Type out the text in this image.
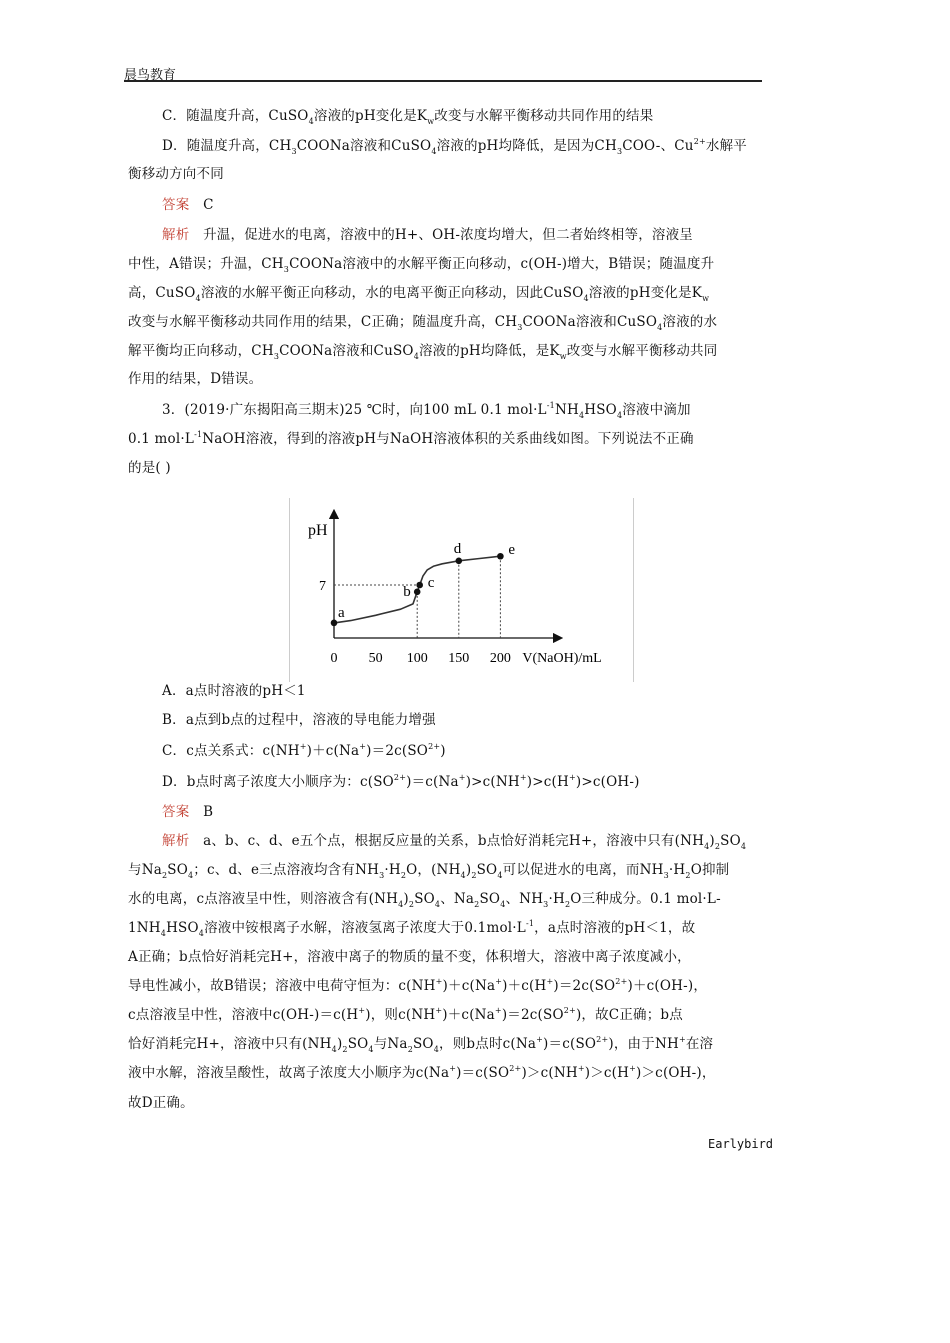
晨鸟教育
C．随温度升高，CuSO$_4$溶液的pH变化是$K_w$改变与水解平衡移动共同作用的结果
D．随温度升高，$CH_3COONa$溶液和CuSO$_4$溶液的pH均降低，是因为$CH_3COO-$、$Cu^{2+}$水解平
衡移动方向不同
答案　 C
解析　 升温，促进水的电离，溶液中的H+、OH-浓度均增大，但二者始终相等，溶液呈
中性，A错误；升温，$CH_3COONa$溶液中的水解平衡正向移动，c(OH-)增大，B错误；随温度升
高，CuSO$_4$溶液的水解平衡正向移动，水的电离平衡正向移动，因此CuSO$_4$溶液的pH变化是$K_w$
改变与水解平衡移动共同作用的结果，C正确；随温度升高，$CH_3COONa$溶液和CuSO$_4$溶液的水
解平衡均正向移动，$CH_3COONa$溶液和CuSO$_4$溶液的pH均降低，是$K_w$改变与水解平衡移动共同
作用的结果，D错误。
3．(2019·广东揭阳高三期末)25 ℃时，向100 mL 0.1 $mol\cdot L^{-1}NH_4HSO_4$溶液中滴加
0.1 $mol\cdot L^{-1}NaOH$溶液，得到的溶液pH与NaOH溶液体积的关系曲线如图。下列说法不正确
的是( )
pH
0 50 100 150 200 V(NaOH)/mL
7
a
b
c
d	e
A．a点时溶液的pH＜1
B．a点到b点的过程中，溶液的导电能力增强
C．c点关系式：$c(NH^+)+c(Na^+)=2c(SO^{2+})$
D．b点时离子浓度大小顺序为：$c(SO^{2+})=c(Na^+)>c(NH^+)>c(H^+)>c(OH-)$
答案　 B
解析　 a、b、c、d、e五个点，根据反应量的关系，b点恰好消耗完H+，溶液中只有$(NH_4)_2SO_4$
与$Na_2SO_4$；c、d、e三点溶液均含有$NH_3\cdot H_2O$，$(NH_4)_2SO_4$可以促进水的电离，而$NH_3\cdot H_2O$抑制
水的电离，c点溶液呈中性，则溶液含有$(NH_4)_2SO_4$、$Na_2SO_4$、$NH_3\cdot H_2O$三种成分。0.1 mol·L-
$1NH_4HSO_4$溶液中铵根离子水解，溶液氢离子浓度大于$0.1mol\cdot L^{-1}$，a点时溶液的pH＜1，故
A正确；b点恰好消耗完H+，溶液中离子的物质的量不变，体积增大，溶液中离子浓度减小，
导电性减小，故B错误；溶液中电荷守恒为：$c(NH^+)+c(Na^+)+c(H^+)=2c(SO^{2+})+c(OH-)$，
c点溶液呈中性，溶液中c(OH-)＝c(H+)，则$c(NH^+)+c(Na^+)=2c(SO^{2+})$，故C正确；b点
恰好消耗完H+，溶液中只有$(NH_4)_2SO_4$与$Na_2SO_4$，则b点时$c(Na^+)=c(SO^{2+})$，由于NH+在溶
液中水解，溶液呈酸性，故离子浓度大小顺序为$c(Na^+)=c(SO^{2+})>c(NH^+)>c(H^+)>c(OH-)$，
故D正确。
Earlybird
